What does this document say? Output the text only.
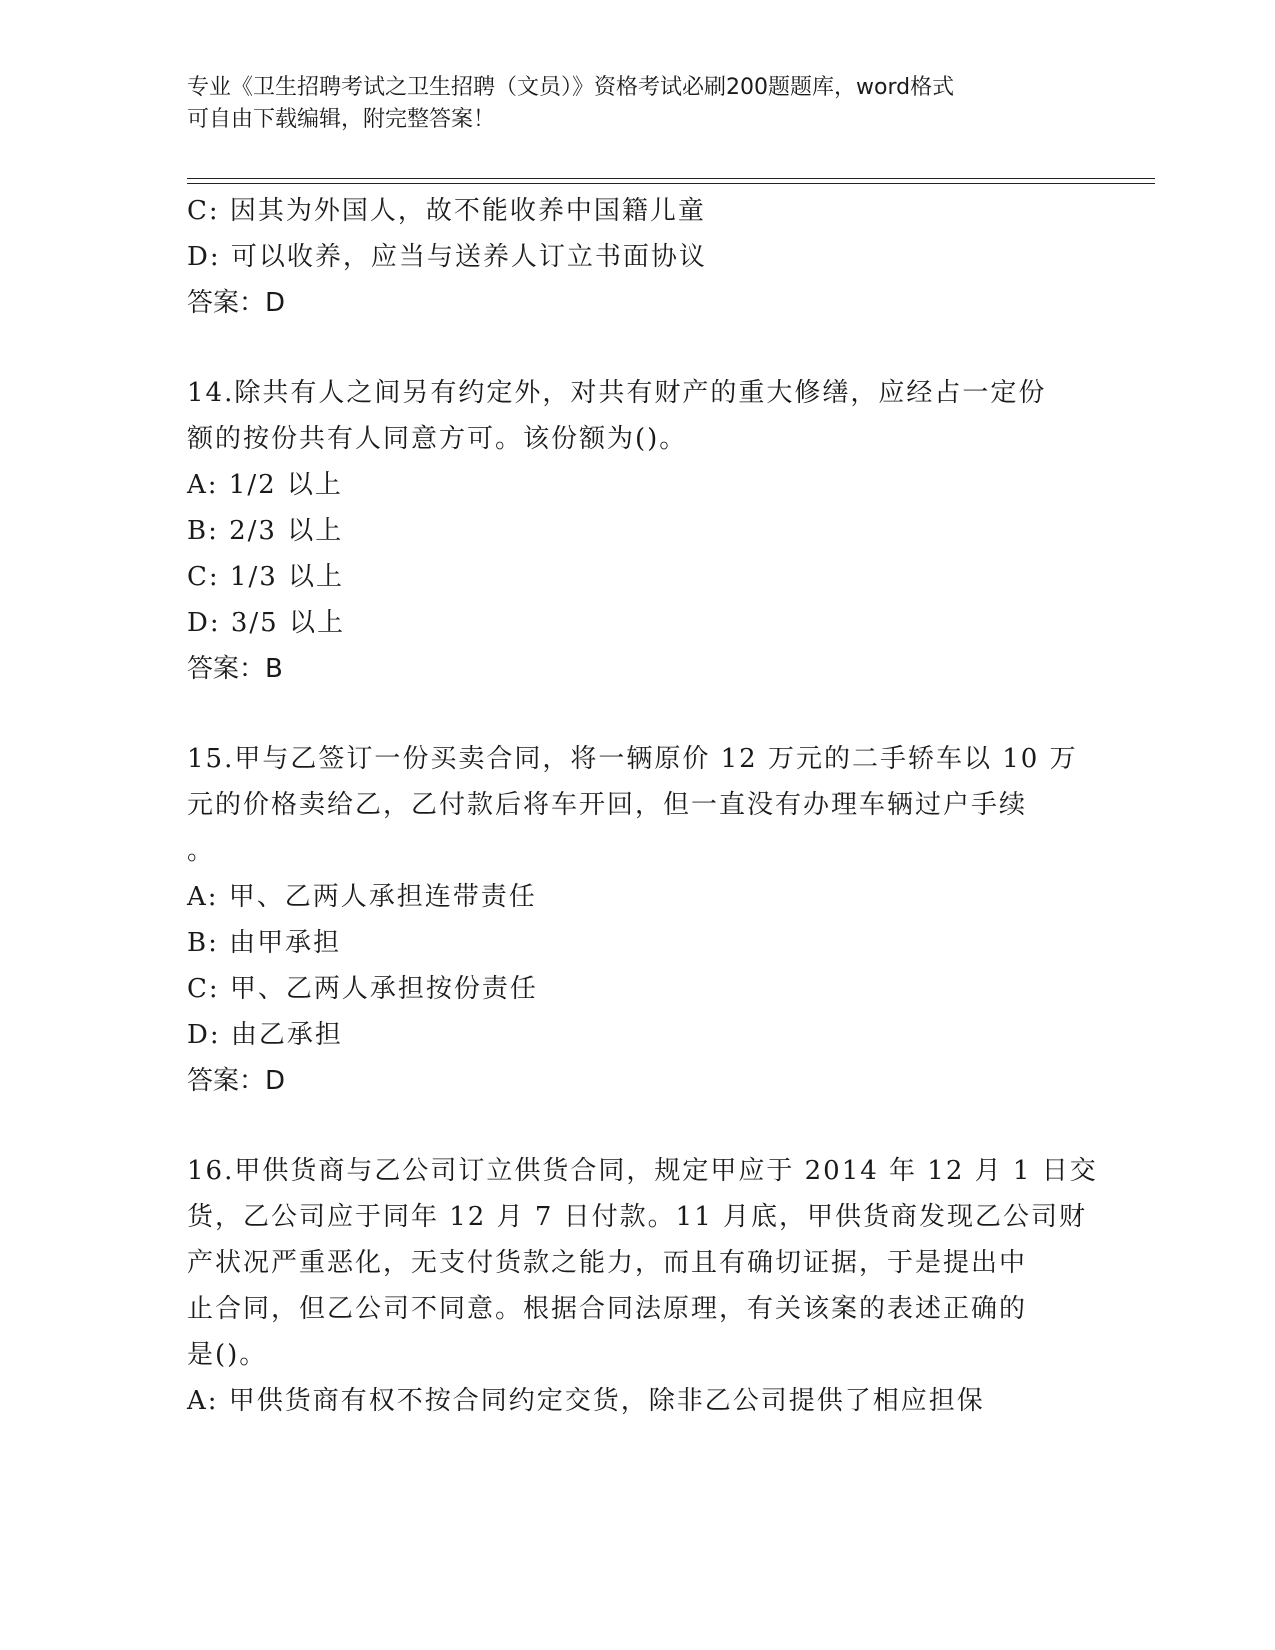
专业《卫生招聘考试之卫生招聘（文员）》资格考试必刷200题题库，word格式
可自由下载编辑，附完整答案！
C: 因其为外国人，故不能收养中国籍儿童
D: 可以收养，应当与送养人订立书面协议
答案：D
14.除共有人之间另有约定外，对共有财产的重大修缮，应经占一定份
额的按份共有人同意方可。该份额为()。
A: 1/2 以上
B: 2/3 以上
C: 1/3 以上
D: 3/5 以上
答案：B
15.甲与乙签订一份买卖合同，将一辆原价 12 万元的二手轿车以 10 万
元的价格卖给乙，乙付款后将车开回，但一直没有办理车辆过户手续
。
A: 甲、乙两人承担连带责任
B: 由甲承担
C: 甲、乙两人承担按份责任
D: 由乙承担
答案：D
16.甲供货商与乙公司订立供货合同，规定甲应于 2014 年 12 月 1 日交
货，乙公司应于同年 12 月 7 日付款。11 月底，甲供货商发现乙公司财
产状况严重恶化，无支付货款之能力，而且有确切证据，于是提出中
止合同，但乙公司不同意。根据合同法原理，有关该案的表述正确的
是()。
A: 甲供货商有权不按合同约定交货，除非乙公司提供了相应担保
